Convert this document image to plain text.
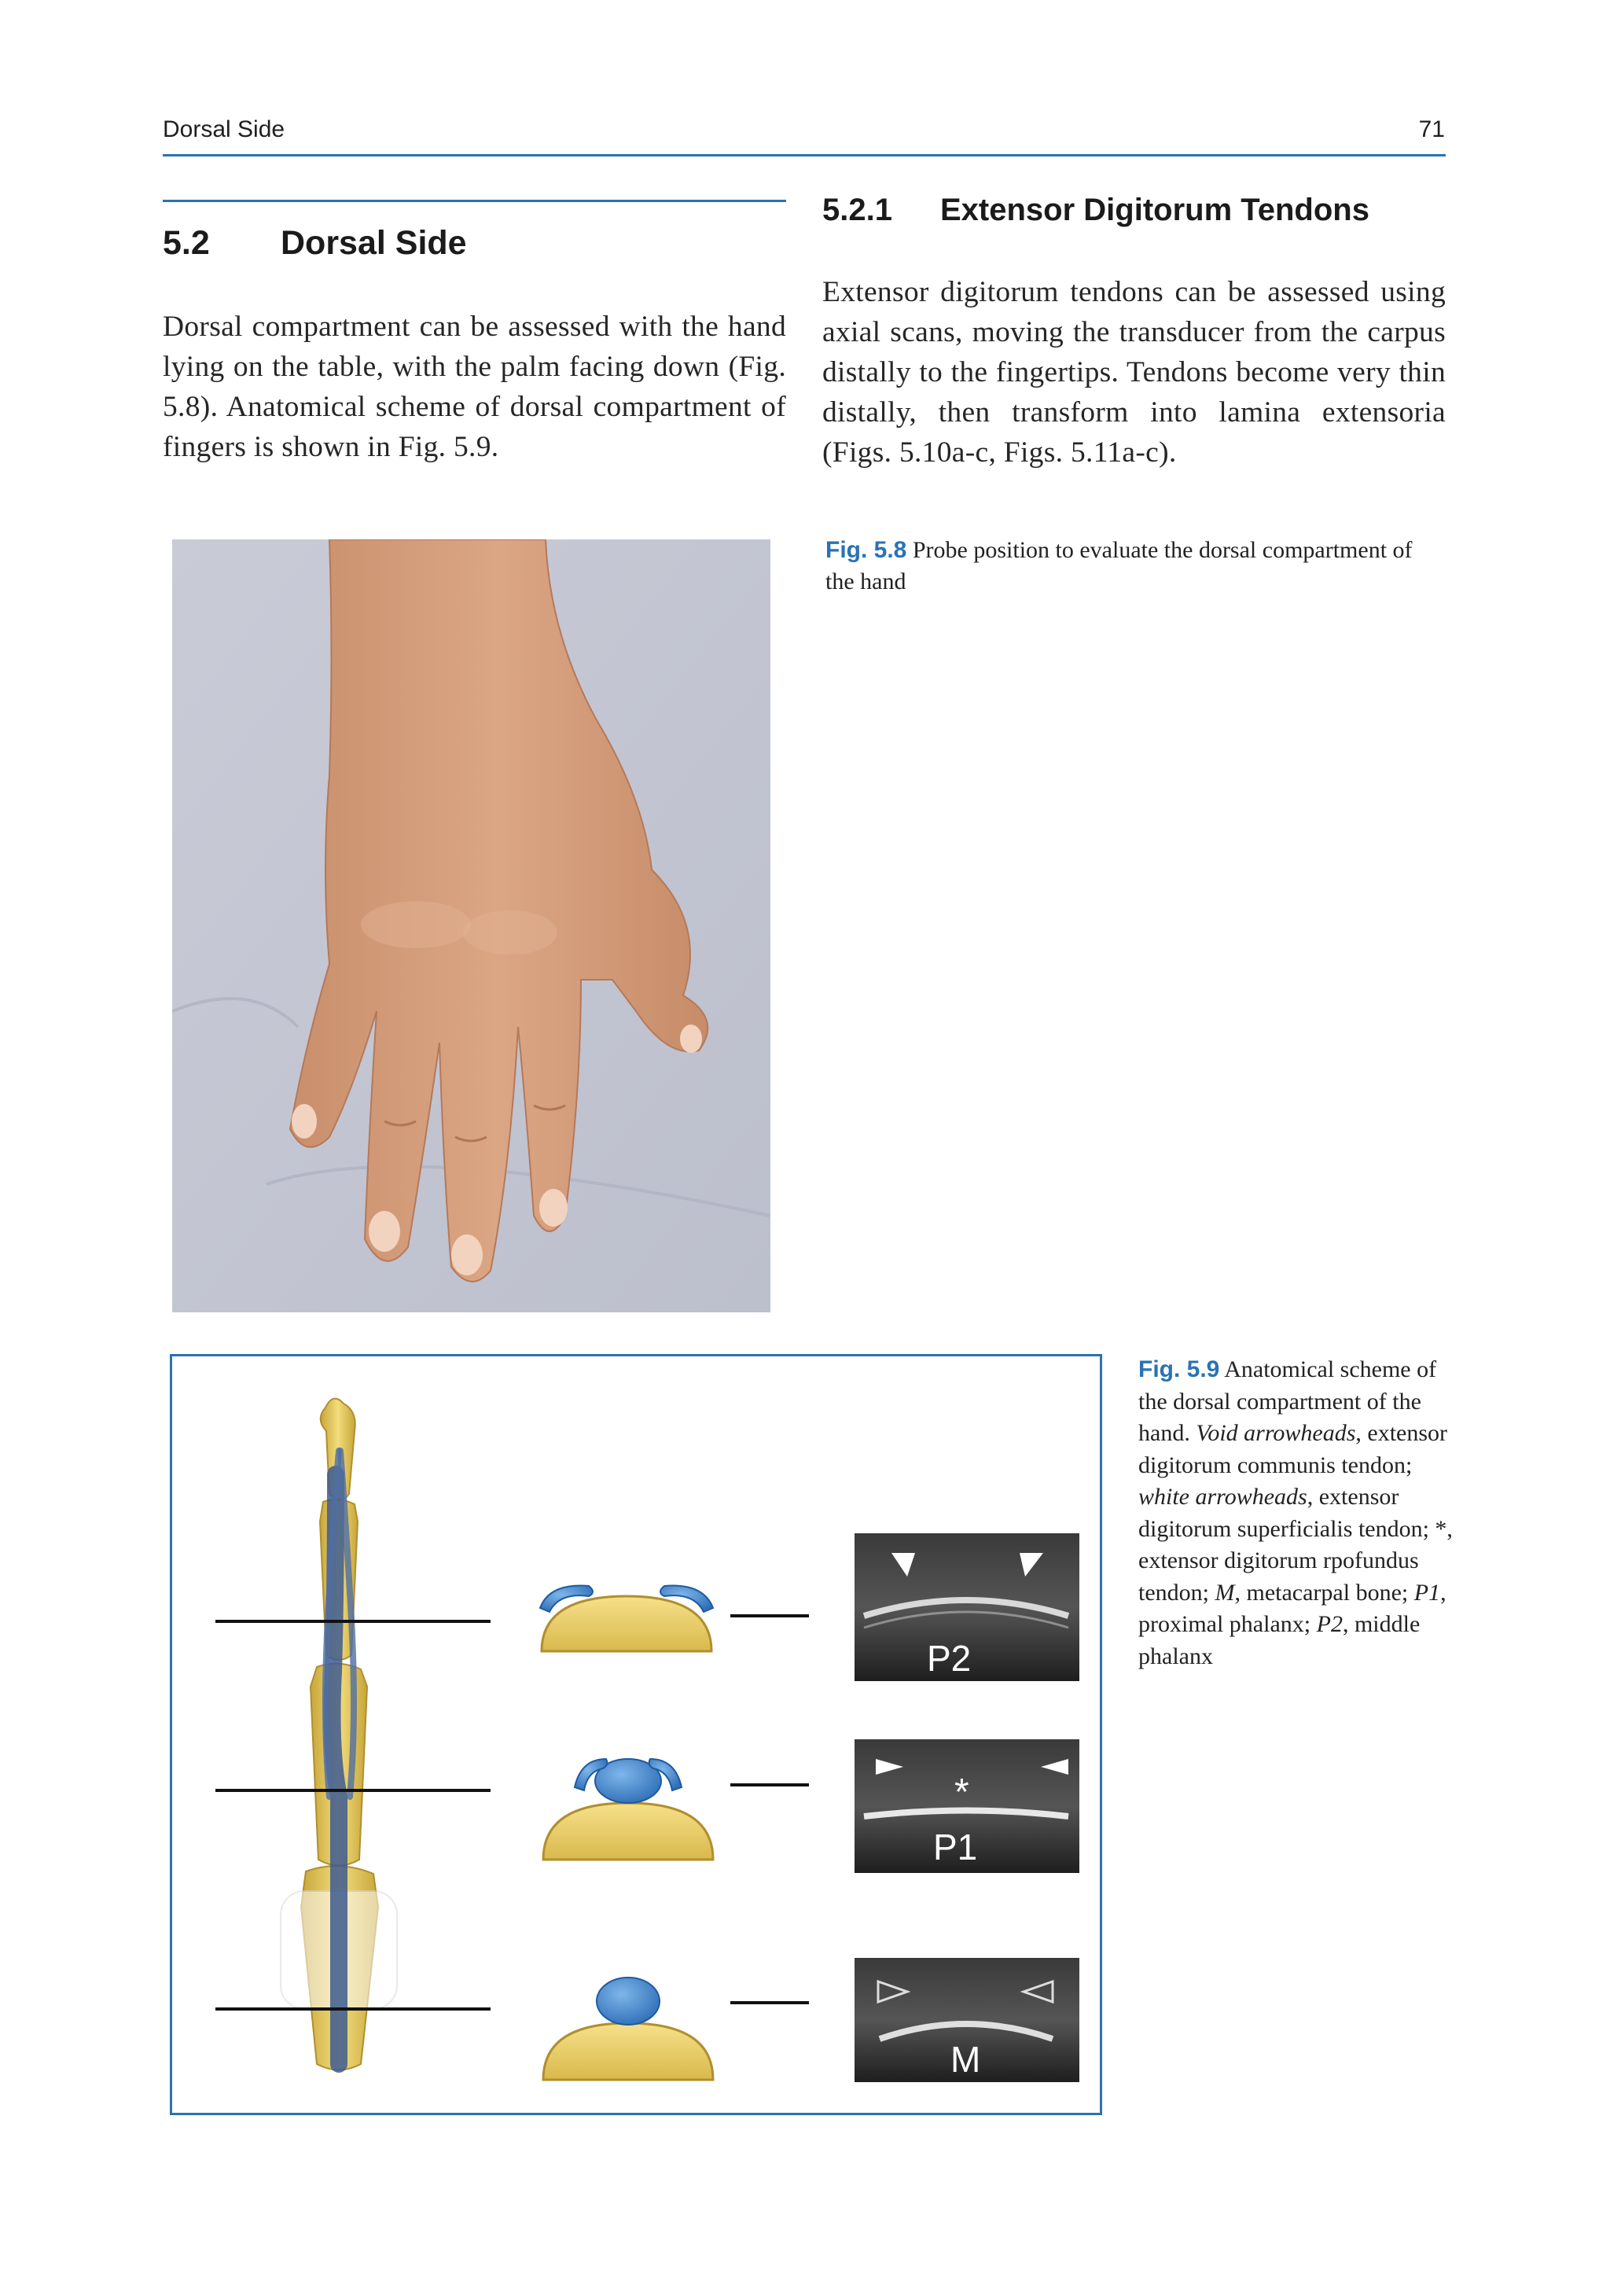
Dorsal Side	71
5.2 Dorsal Side
Dorsal compartment can be assessed with the hand lying on the table, with the palm facing down (Fig. 5.8). Anatomical scheme of dorsal compartment of fingers is shown in Fig. 5.9.
5.2.1 Extensor Digitorum Tendons
Extensor digitorum tendons can be assessed using axial scans, moving the transducer from the carpus distally to the fingertips. Tendons become very thin distally, then transform into lamina extensoria (Figs. 5.10a-c, Figs. 5.11a-c).
Fig. 5.8 Probe position to evaluate the dorsal compartment of the hand
P2
*
P1
M
Fig. 5.9 Anatomical scheme of the dorsal compartment of the hand. Void arrowheads, extensor digitorum communis tendon; white arrowheads, extensor digitorum superficialis tendon; *, extensor digitorum rpofundus tendon; M, metacarpal bone; P1, proximal phalanx; P2, middle phalanx
